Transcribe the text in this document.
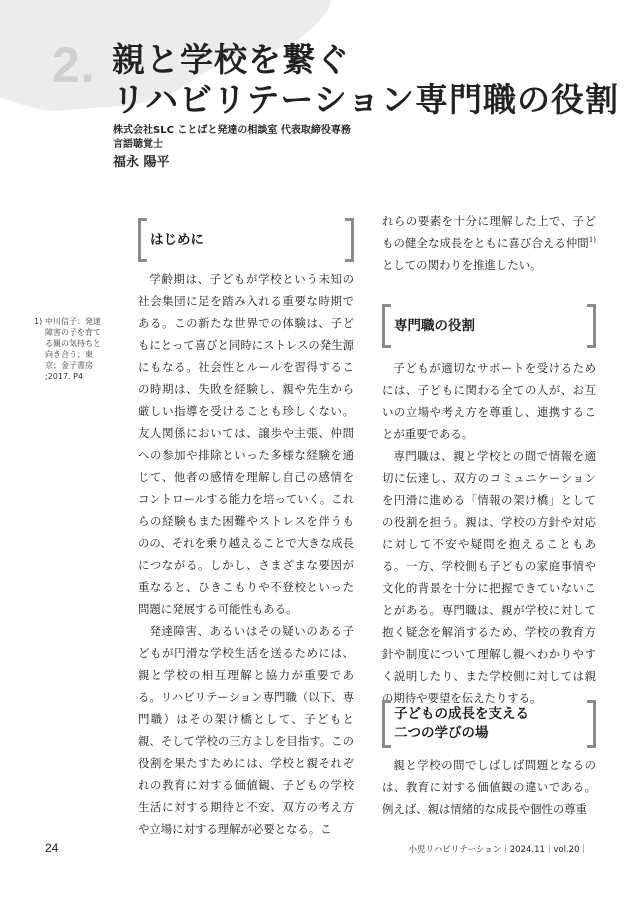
2. 親と学校を繋ぐ
リハビリテーション専門職の役割
株式会社SLC ことばと発達の相談室 代表取締役専務
言語聴覚士
福永 陽平
はじめに
1) 中川信子：発達障害の子を育てる親の気持ちと向き合う；東京；金子書房 ;2017. P4

学齢期は、子どもが学校という未知の社会集団に足を踏み入れる重要な時期である。この新たな世界での体験は、子どもにとって喜びと同時にストレスの発生源にもなる。社会性とルールを習得するこの時期は、失敗を経験し、親や先生から厳しい指導を受けることも珍しくない。友人関係においては、譲歩や主張、仲間への参加や排除といった多様な経験を通じて、他者の感情を理解し自己の感情をコントロールする能力を培っていく。これらの経験もまた困難やストレスを伴うものの、それを乗り越えることで大きな成長につながる。しかし、さまざまな要因が重なると、ひきこもりや不登校といった問題に発展する可能性もある。

発達障害、あるいはその疑いのある子どもが円滑な学校生活を送るためには、親と学校の相互理解と協力が重要である。リハビリテーション専門職（以下、専門職）はその架け橋として、子どもと親、そして学校の三方よしを目指す。この役割を果たすためには、学校と親それぞれの教育に対する価値観、子どもの学校生活に対する期待と不安、双方の考え方や立場に対する理解が必要となる。こ

れらの要素を十分に理解した上で、子どもの健全な成長をともに喜び合える仲間$^{1)}$としての関わりを推進したい。

専門職の役割

子どもが適切なサポートを受けるためには、子どもに関わる全ての人が、お互いの立場や考え方を尊重し、連携することが重要である。

専門職は、親と学校との間で情報を適切に伝達し、双方のコミュニケーションを円滑に進める「情報の架け橋」としての役割を担う。親は、学校の方針や対応に対して不安や疑問を抱えることもある。一方、学校側も子どもの家庭事情や文化的背景を十分に把握できていないことがある。専門職は、親が学校に対して抱く疑念を解消するため、学校の教育方針や制度について理解し親へわかりやすく説明したり、また学校側に対しては親の期待や要望を伝えたりする。

子どもの成長を支える
二つの学びの場

親と学校の間でしばしば問題となるのは、教育に対する価値観の違いである。例えば、親は情緒的な成長や個性の尊重

24	小児リハビリテーション｜2024.11｜vol.20｜
